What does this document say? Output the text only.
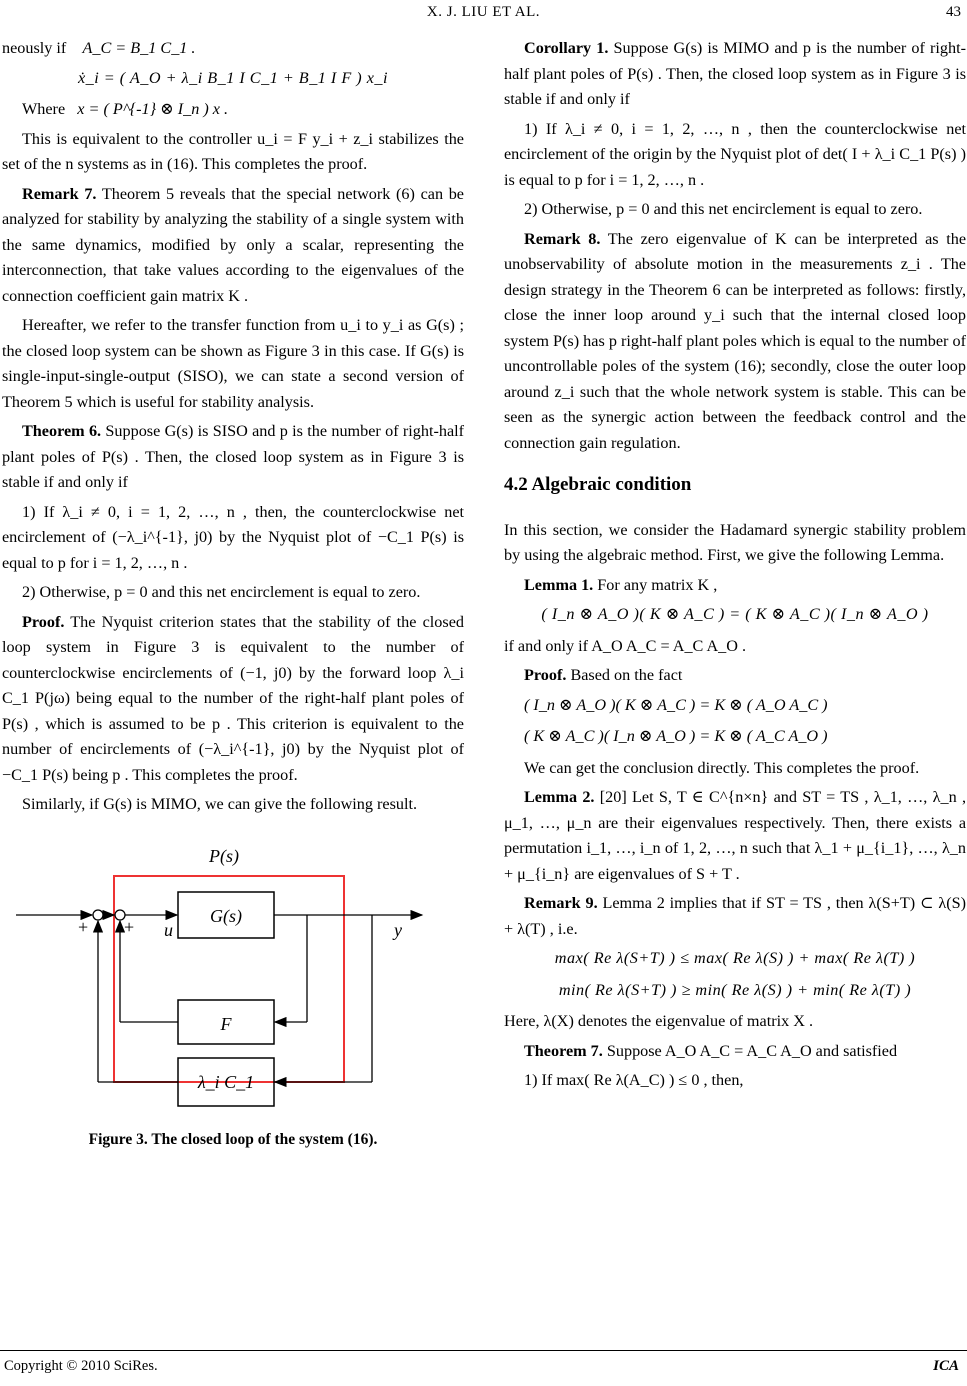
X. J. LIU ET AL.	43

neously if A_C = B_1 C_1 .

ẋ_i = ( A_O + λ_i B_1 I C_1 + B_1 I F ) x_i

Where x = ( P^{-1} ⊗ I_n ) x .

This is equivalent to the controller u_i = F y_i + z_i stabilizes the set of the n systems as in (16). This completes the proof.

Remark 7. Theorem 5 reveals that the special network (6) can be analyzed for stability by analyzing the stability of a single system with the same dynamics, modified by only a scalar, representing the interconnection, that take values according to the eigenvalues of the connection coefficient gain matrix K .

Hereafter, we refer to the transfer function from u_i to y_i as G(s) ; the closed loop system can be shown as Figure 3 in this case. If G(s) is single-input-single-output (SISO), we can state a second version of Theorem 5 which is useful for stability analysis.

Theorem 6. Suppose G(s) is SISO and p is the number of right-half plant poles of P(s) . Then, the closed loop system as in Figure 3 is stable if and only if

1) If λ_i ≠ 0, i = 1, 2, …, n , then, the counterclockwise net encirclement of (−λ_i^{-1}, j0) by the Nyquist plot of −C_1 P(s) is equal to p for i = 1, 2, …, n .

2) Otherwise, p = 0 and this net encirclement is equal to zero.

Proof. The Nyquist criterion states that the stability of the closed loop system in Figure 3 is equivalent to the number of counterclockwise encirclements of (−1, j0) by the forward loop λ_i C_1 P(jω) being equal to the number of the right-half plant poles of P(s) , which is assumed to be p . This criterion is equivalent to the number of encirclements of (−λ_i^{-1}, j0) by the Nyquist plot of −C_1 P(s) being p . This completes the proof.

Similarly, if G(s) is MIMO, we can give the following result.

P(s)
G(s)
F
λ_i C_1
+ + u	y
Figure 3. The closed loop of the system (16).

Corollary 1. Suppose G(s) is MIMO and p is the number of right-half plant poles of P(s) . Then, the closed loop system as in Figure 3 is stable if and only if

1) If λ_i ≠ 0, i = 1, 2, …, n , then the counterclockwise net encirclement of the origin by the Nyquist plot of det( I + λ_i C_1 P(s) ) is equal to p for i = 1, 2, …, n .

2) Otherwise, p = 0 and this net encirclement is equal to zero.

Remark 8. The zero eigenvalue of K can be interpreted as the unobservability of absolute motion in the measurements z_i . The design strategy in the Theorem 6 can be interpreted as follows: firstly, close the inner loop around y_i such that the internal closed loop system P(s) has p right-half plant poles which is equal to the number of uncontrollable poles of the system (16); secondly, close the outer loop around z_i such that the whole network system is stable. This can be seen as the synergic action between the feedback control and the connection gain regulation.

4.2 Algebraic condition

In this section, we consider the Hadamard synergic stability problem by using the algebraic method. First, we give the following Lemma.

Lemma 1. For any matrix K ,

( I_n ⊗ A_O )( K ⊗ A_C ) = ( K ⊗ A_C )( I_n ⊗ A_O )

if and only if A_O A_C = A_C A_O .

Proof. Based on the fact

( I_n ⊗ A_O )( K ⊗ A_C ) = K ⊗ ( A_O A_C )
( K ⊗ A_C )( I_n ⊗ A_O ) = K ⊗ ( A_C A_O )

We can get the conclusion directly. This completes the proof.

Lemma 2. [20] Let S, T ∈ C^{n×n} and ST = TS , λ_1, …, λ_n , μ_1, …, μ_n are their eigenvalues respectively. Then, there exists a permutation i_1, …, i_n of 1, 2, …, n such that λ_1 + μ_{i_1}, …, λ_n + μ_{i_n} are eigenvalues of S + T .

Remark 9. Lemma 2 implies that if ST = TS , then λ(S+T) ⊂ λ(S) + λ(T) , i.e.

max( Re λ(S+T) ) ≤ max( Re λ(S) ) + max( Re λ(T) )
min( Re λ(S+T) ) ≥ min( Re λ(S) ) + min( Re λ(T) )

Here, λ(X) denotes the eigenvalue of matrix X .

Theorem 7. Suppose A_O A_C = A_C A_O and satisfied

1) If max( Re λ(A_C) ) ≤ 0 , then,

Copyright © 2010 SciRes.	ICA
